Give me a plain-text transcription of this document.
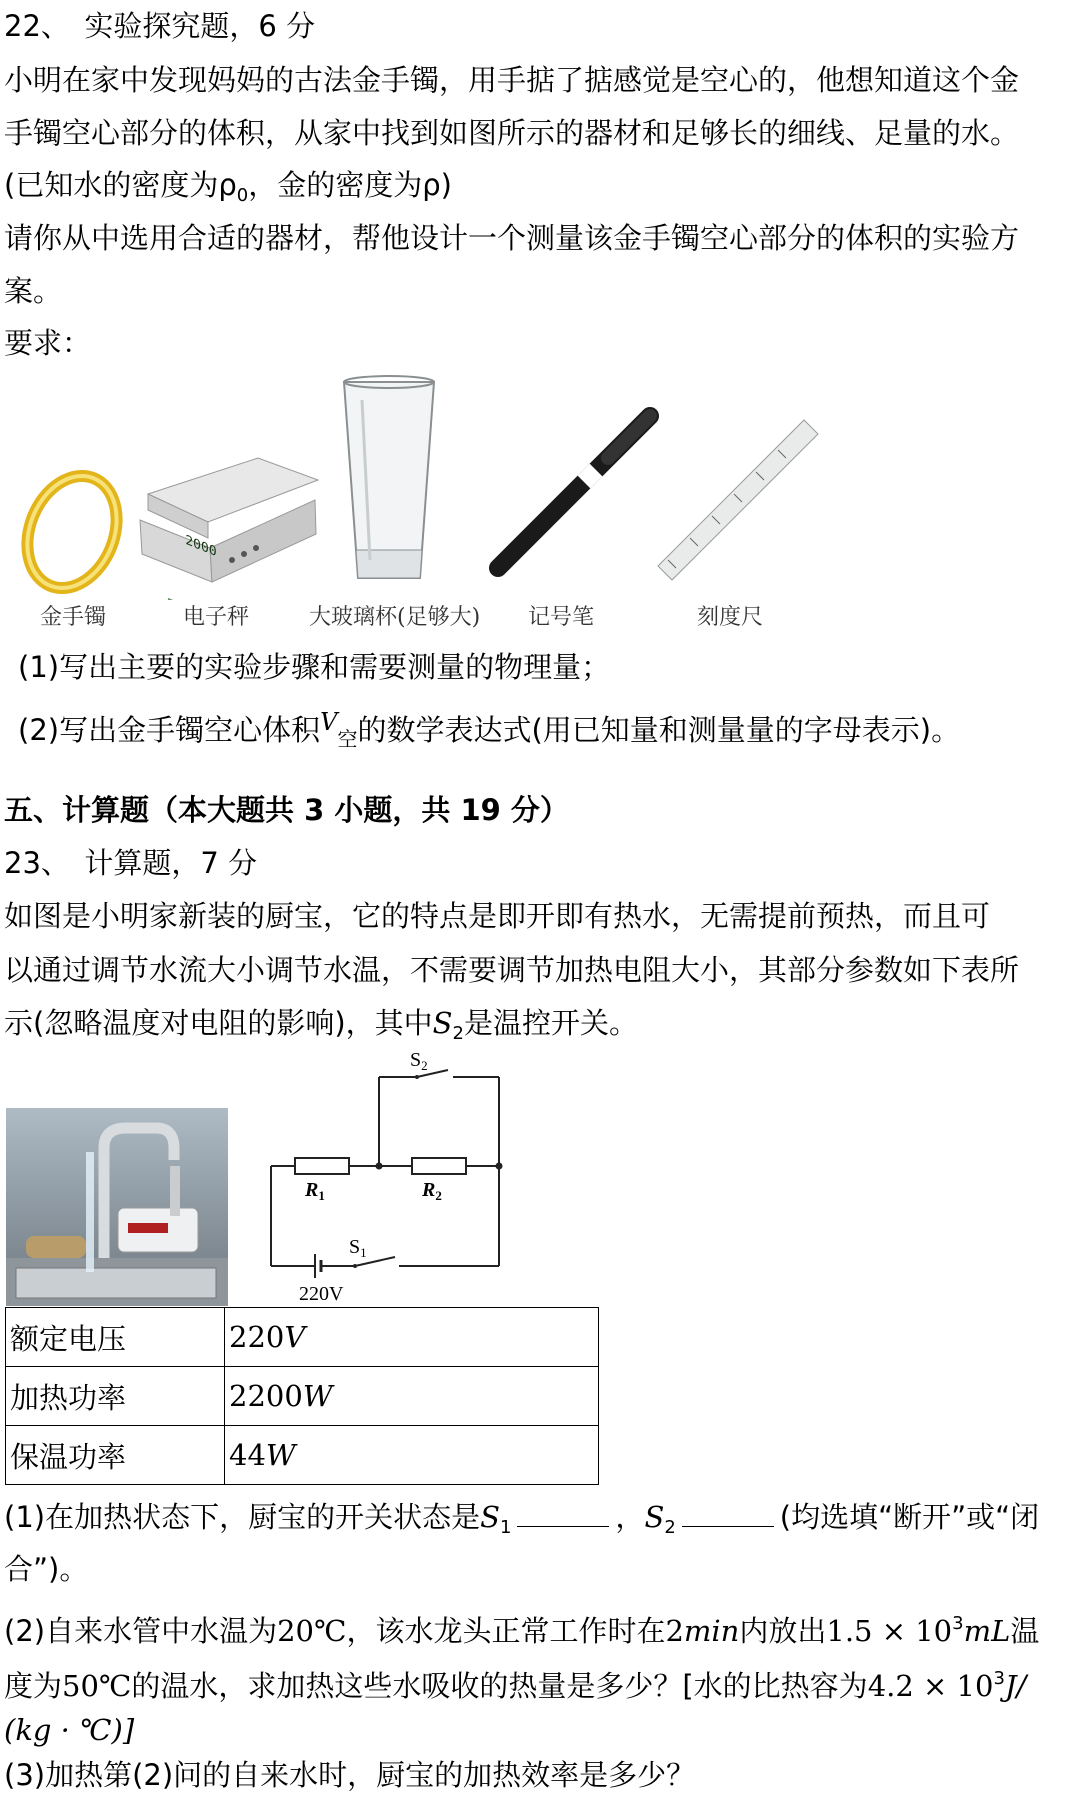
22、　实验探究题，6 分
小明在家中发现妈妈的古法金手镯，用手掂了掂感觉是空心的，他想知道这个金
手镯空心部分的体积，从家中找到如图所示的器材和足够长的细线、足量的水。
(已知水的密度为$\rho_0$，金的密度为ρ)
请你从中选用合适的器材，帮他设计一个测量该金手镯空心部分的体积的实验方
案。
要求：
2000
金手镯	电子秤	大玻璃杯(足够大) 记号笔	刻度尺
(1)写出主要的实验步骤和需要测量的物理量；
(2)写出金手镯空心体积$^V_空$的数学表达式(用已知量和测量量的字母表示)。
五、计算题（本大题共 3 小题，共 19 分）
23、　计算题，7 分
如图是小明家新装的厨宝，它的特点是即开即有热水，无需提前预热，而且可
以通过调节水流大小调节水温，不需要调节加热电阻大小，其部分参数如下表所
示(忽略温度对电阻的影响)，其中$S_2$是温控开关。
$S_2$
$R_1$	$R_2$
$S_1$
220V
额定电压	220V
加热功率	2200W
保温功率	44W
(1)在加热状态下，厨宝的开关状态是$S_1$	，$S_2$	(均选填“断开”或“闭
合”)。
(2)自来水管中水温为20℃，该水龙头正常工作时在2min内放出$1.5 \times 10^3mL$温
度为50℃的温水，求加热这些水吸收的热量是多少？[水的比热容为$4.2 \times 10^3J/$
(kg · ℃)]
(3)加热第(2)问的自来水时，厨宝的加热效率是多少？
